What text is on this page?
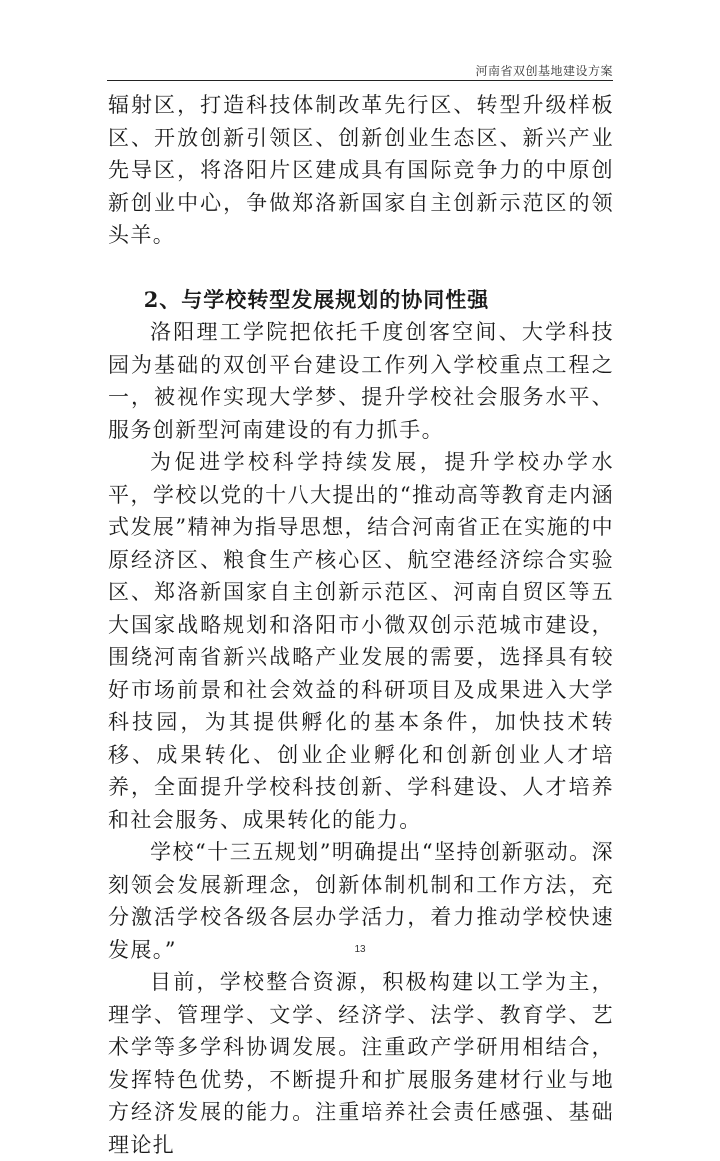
河南省双创基地建设方案

辐射区，打造科技体制改革先行区、转型升级样板区、开放创新引领区、创新创业生态区、新兴产业先导区，将洛阳片区建成具有国际竞争力的中原创新创业中心，争做郑洛新国家自主创新示范区的领头羊。

2、与学校转型发展规划的协同性强

洛阳理工学院把依托千度创客空间、大学科技园为基础的双创平台建设工作列入学校重点工程之一，被视作实现大学梦、提升学校社会服务水平、服务创新型河南建设的有力抓手。

为促进学校科学持续发展，提升学校办学水平，学校以党的十八大提出的“推动高等教育走内涵式发展”精神为指导思想，结合河南省正在实施的中原经济区、粮食生产核心区、航空港经济综合实验区、郑洛新国家自主创新示范区、河南自贸区等五大国家战略规划和洛阳市小微双创示范城市建设，围绕河南省新兴战略产业发展的需要，选择具有较好市场前景和社会效益的科研项目及成果进入大学科技园，为其提供孵化的基本条件，加快技术转移、成果转化、创业企业孵化和创新创业人才培养，全面提升学校科技创新、学科建设、人才培养和社会服务、成果转化的能力。

学校“十三五规划”明确提出“坚持创新驱动。深刻领会发展新理念，创新体制机制和工作方法，充分激活学校各级各层办学活力，着力推动学校快速发展。”

目前，学校整合资源，积极构建以工学为主，理学、管理学、文学、经济学、法学、教育学、艺术学等多学科协调发展。注重政产学研用相结合，发挥特色优势，不断提升和扩展服务建材行业与地方经济发展的能力。注重培养社会责任感强、基础理论扎

13
